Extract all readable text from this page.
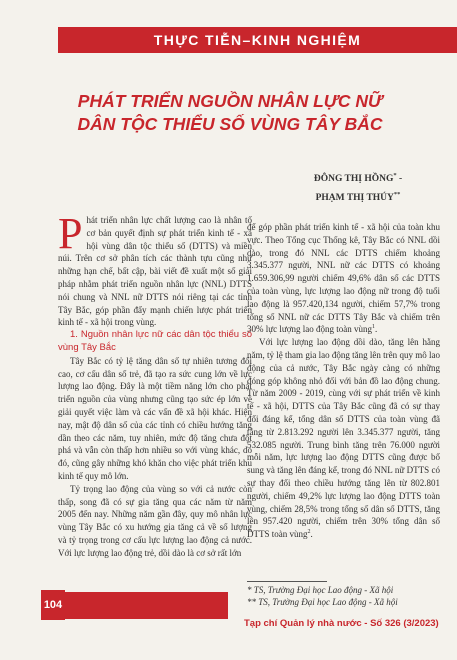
THỰC TIỄN–KINH NGHIỆM
PHÁT TRIỂN NGUỒN NHÂN LỰC NỮ
DÂN TỘC THIỂU SỐ VÙNG TÂY BẮC
ĐÔNG THỊ HỒNG* -
PHẠM THỊ THÚY**

Phát triển nhân lực chất lượng cao là nhân tố cơ bản quyết định sự phát triển kinh tế - xã hội vùng dân tộc thiểu số (DTTS) và miền núi. Trên cơ sở phân tích các thành tựu cũng như những hạn chế, bất cập, bài viết đề xuất một số giải pháp nhằm phát triển nguồn nhân lực (NNL) DTTS nói chung và NNL nữ DTTS nói riêng tại các tỉnh Tây Bắc, góp phần đẩy mạnh chiến lược phát triển kinh tế - xã hội trong vùng.

1. Nguồn nhân lực nữ các dân tộc thiểu số vùng Tây Bắc

Tây Bắc có tỷ lệ tăng dân số tự nhiên tương đối cao, cơ cấu dân số trẻ, đã tạo ra sức cung lớn về lực lượng lao động. Đây là một tiềm năng lớn cho phát triển nguồn của vùng nhưng cũng tạo sức ép lớn về giải quyết việc làm và các vấn đề xã hội khác. Hiện nay, mật độ dân số của các tỉnh có chiều hướng tăng dần theo các năm, tuy nhiên, mức độ tăng chưa đột phá và vẫn còn thấp hơn nhiều so với vùng khác, do đó, cũng gây những khó khăn cho việc phát triển khu kinh tế quy mô lớn.

Tỷ trọng lao động của vùng so với cả nước còn thấp, song đã có sự gia tăng qua các năm từ năm 2005 đến nay. Những năm gần đây, quy mô nhân lực vùng Tây Bắc có xu hướng gia tăng cả về số lượng và tỷ trọng trong cơ cấu lực lượng lao động cả nước. Với lực lượng lao động trẻ, dồi dào là cơ sở rất lớn

để góp phần phát triển kinh tế - xã hội của toàn khu vực. Theo Tổng cục Thống kê, Tây Bắc có NNL dồi dào, trong đó NNL các DTTS chiếm khoảng 3.345.377 người, NNL nữ các DTTS có khoảng 1.659.306,99 người chiếm 49,6% dân số các DTTS của toàn vùng, lực lượng lao động nữ trong độ tuổi lao động là 957.420,134 người, chiếm 57,7% trong tổng số NNL nữ các DTTS Tây Bắc và chiếm trên 30% lực lượng lao động toàn vùng$^1$.

Với lực lượng lao động dồi dào, tăng lên hằng năm, tỷ lệ tham gia lao động tăng lên trên quy mô lao động của cả nước, Tây Bắc ngày càng có những đóng góp không nhỏ đối với bản đồ lao động chung. Từ năm 2009 - 2019, cùng với sự phát triển về kinh tế - xã hội, DTTS của Tây Bắc cũng đã có sự thay đổi đáng kể, tổng dân số DTTS của toàn vùng đã tăng từ 2.813.292 người lên 3.345.377 người, tăng 532.085 người. Trung bình tăng trên 76.000 người mỗi năm, lực lượng lao động DTTS cũng được bổ sung và tăng lên đáng kể, trong đó NNL nữ DTTS có sự thay đổi theo chiều hướng tăng lên từ 802.801 người, chiếm 49,2% lực lượng lao động DTTS toàn vùng, chiếm 28,5% trong tổng số dân số DTTS, tăng lên 957.420 người, chiếm trên 30% tổng dân số DTTS toàn vùng$^2$.

* TS, Trường Đại học Lao động - Xã hội
** TS, Trường Đại học Lao động - Xã hội
104
Tạp chí Quản lý nhà nước - Số 326 (3/2023)
